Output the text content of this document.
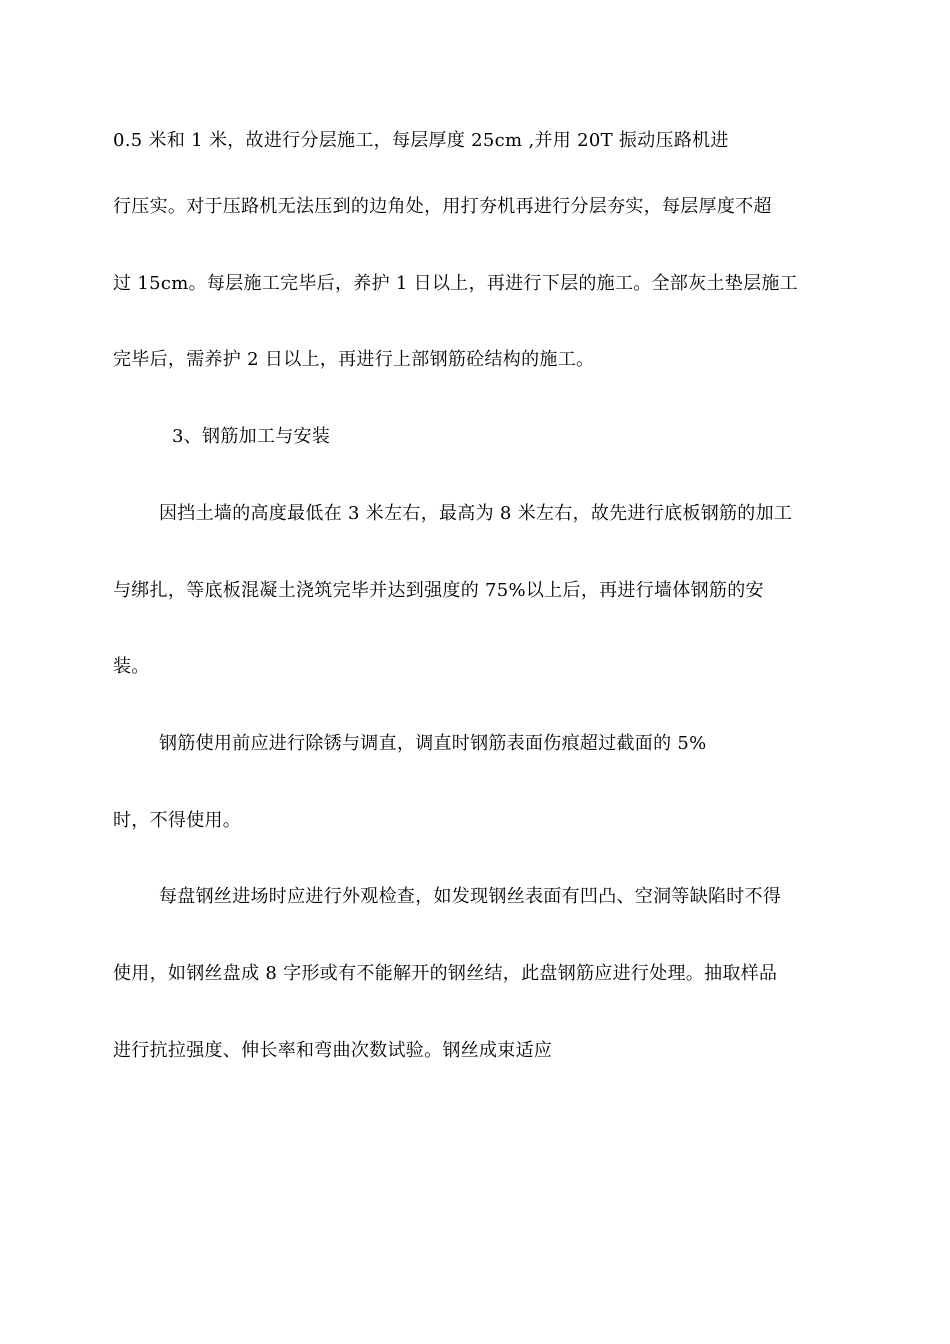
0.5 米和 1 米，故进行分层施工，每层厚度 25cm ,并用 20T 振动压路机进
行压实。对于压路机无法压到的边角处，用打夯机再进行分层夯实，每层厚度不超
过 15cm。每层施工完毕后，养护 1 日以上，再进行下层的施工。全部灰土垫层施工
完毕后，需养护 2 日以上，再进行上部钢筋砼结构的施工。
3、钢筋加工与安装
因挡土墙的高度最低在 3 米左右，最高为 8 米左右，故先进行底板钢筋的加工
与绑扎，等底板混凝土浇筑完毕并达到强度的 75%以上后，再进行墙体钢筋的安
装。
钢筋使用前应进行除锈与调直，调直时钢筋表面伤痕超过截面的 5%
时，不得使用。
每盘钢丝进场时应进行外观检查，如发现钢丝表面有凹凸、空洞等缺陷时不得
使用，如钢丝盘成 8 字形或有不能解开的钢丝结，此盘钢筋应进行处理。抽取样品
进行抗拉强度、伸长率和弯曲次数试验。钢丝成束适应
